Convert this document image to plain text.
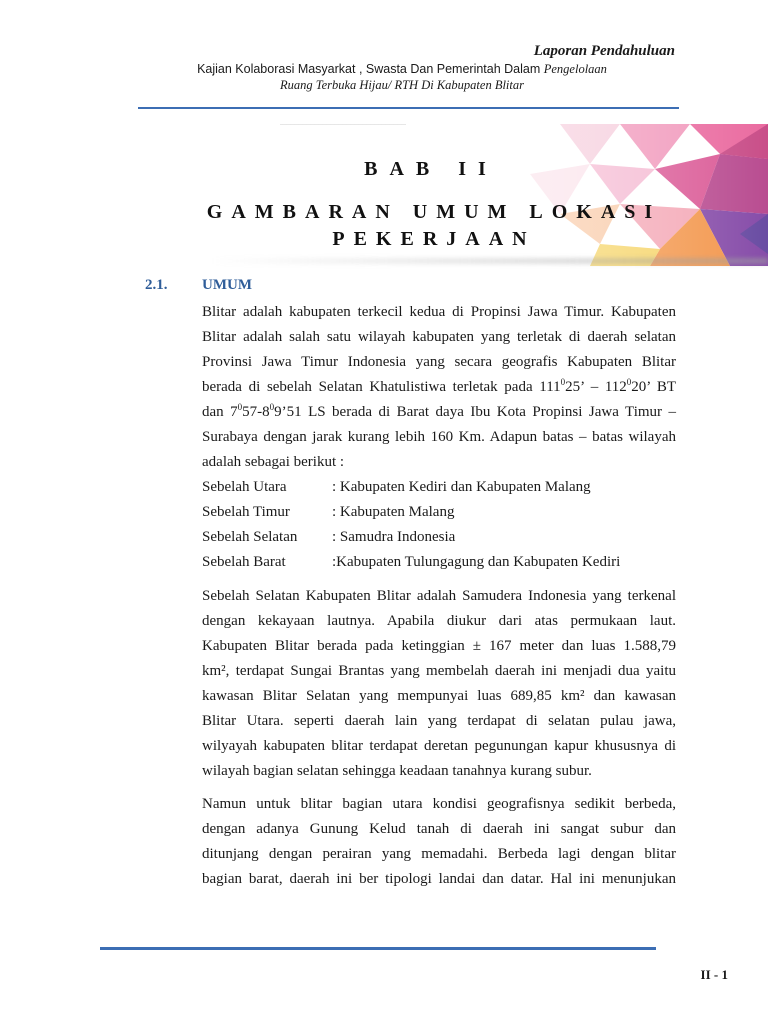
Laporan Pendahuluan
Kajian Kolaborasi Masyarkat , Swasta Dan Pemerintah Dalam Pengelolaan
Ruang Terbuka Hijau/ RTH Di Kabupaten Blitar
BAB II
GAMBARAN UMUM LOKASI
PEKERJAAN
2.1. UMUM
Blitar adalah kabupaten terkecil kedua di Propinsi Jawa Timur. Kabupaten
Blitar adalah salah satu wilayah kabupaten yang terletak di daerah selatan
Provinsi Jawa Timur Indonesia yang secara geografis Kabupaten Blitar
berada di sebelah Selatan Khatulistiwa terletak pada $111^025$’ – $112^020$’ BT
dan $7^057-8^09’51$ LS berada di Barat daya Ibu Kota Propinsi Jawa Timur –
Surabaya dengan jarak kurang lebih 160 Km. Adapun batas – batas wilayah
adalah sebagai berikut :
Sebelah Utara	: Kabupaten Kediri dan Kabupaten Malang
Sebelah Timur	: Kabupaten Malang
Sebelah Selatan : Samudra Indonesia
Sebelah Barat	:Kabupaten Tulungagung dan Kabupaten Kediri
Sebelah Selatan Kabupaten Blitar adalah Samudera Indonesia yang terkenal
dengan kekayaan lautnya. Apabila diukur dari atas permukaan laut.
Kabupaten Blitar berada pada ketinggian ± 167 meter dan luas 1.588,79
km², terdapat Sungai Brantas yang membelah daerah ini menjadi dua yaitu
kawasan Blitar Selatan yang mempunyai luas 689,85 km² dan kawasan
Blitar Utara. seperti daerah lain yang terdapat di selatan pulau jawa,
wilyayah kabupaten blitar terdapat deretan pegunungan kapur khususnya di
wilayah bagian selatan sehingga keadaan tanahnya kurang subur.
Namun untuk blitar bagian utara kondisi geografisnya sedikit berbeda,
dengan adanya Gunung Kelud tanah di daerah ini sangat subur dan
ditunjang dengan perairan yang memadahi. Berbeda lagi dengan blitar
bagian barat, daerah ini ber tipologi landai dan datar. Hal ini menunjukan
II - 1
